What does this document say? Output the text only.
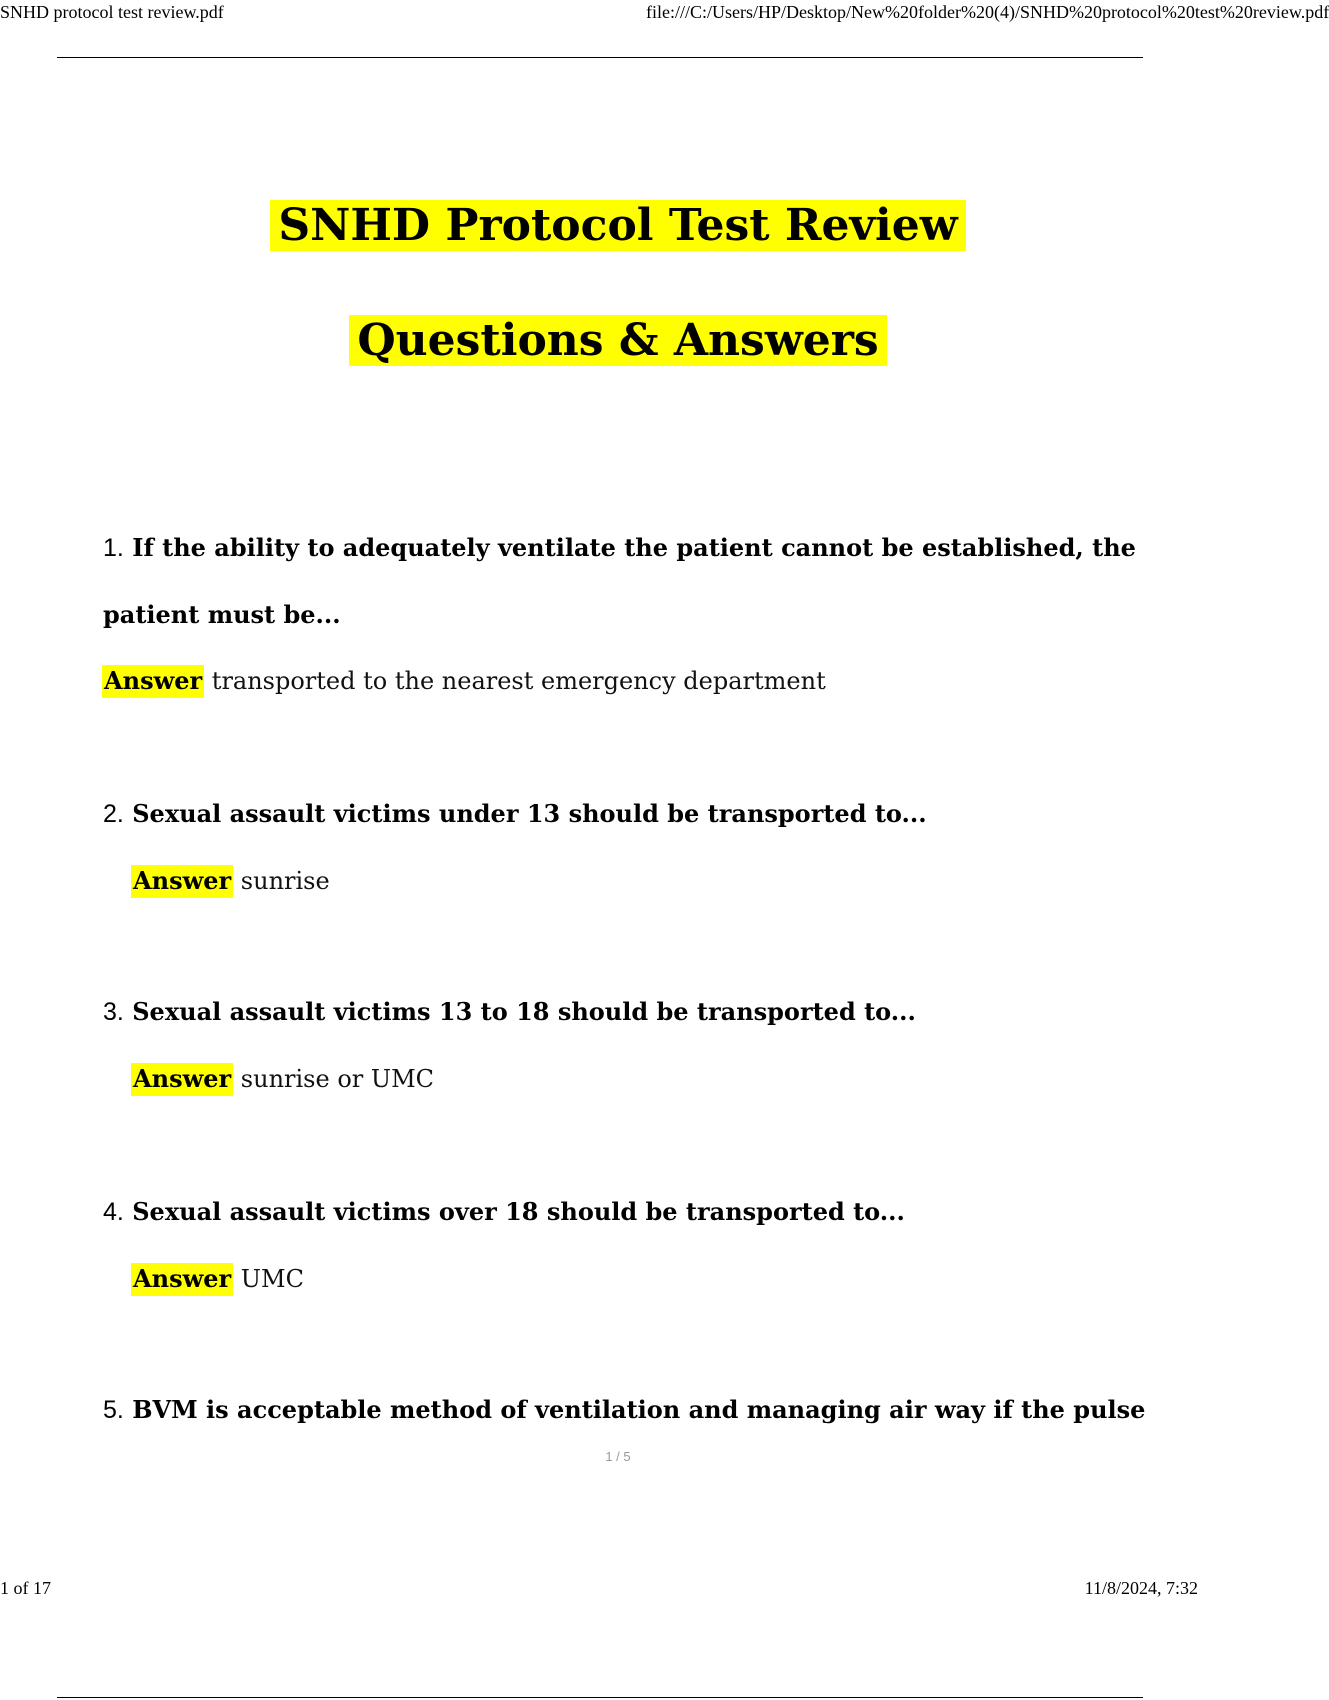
SNHD protocol test review.pdf	file:///C:/Users/HP/Desktop/New%20folder%20(4)/SNHD%20protocol%20test%20review.pdf
SNHD Protocol Test Review
Questions & Answers
1. If the ability to adequately ventilate the patient cannot be established, the
patient must be...
Answer transported to the nearest emergency department
2. Sexual assault victims under 13 should be transported to...
Answer sunrise
3. Sexual assault victims 13 to 18 should be transported to...
Answer sunrise or UMC
4. Sexual assault victims over 18 should be transported to...
Answer UMC
5. BVM is acceptable method of ventilation and managing air way if the pulse
1 / 5
1 of 17	11/8/2024, 7:32
